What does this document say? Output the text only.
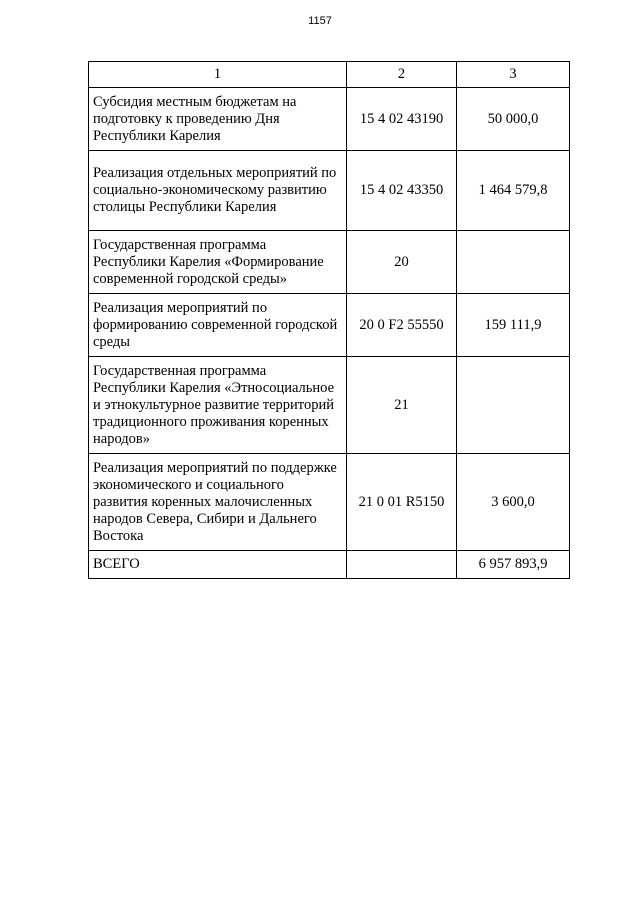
1157
1	2	3
Субсидия местным бюджетам на подготовку к проведению Дня Республики Карелия	15 4 02 43190	50 000,0
Реализация отдельных мероприятий по социально-экономическому развитию столицы Республики Карелия	15 4 02 43350	1 464 579,8
Государственная программа Республики Карелия «Формирование современной городской среды»	20	
Реализация мероприятий по формированию современной городской среды	20 0 F2 55550	159 111,9
Государственная программа Республики Карелия «Этносоциальное и этнокультурное развитие территорий традиционного проживания коренных народов»	21	
Реализация мероприятий по поддержке экономического и социального развития коренных малочисленных народов Севера, Сибири и Дальнего Востока	21 0 01 R5150	3 600,0
ВСЕГО		6 957 893,9
